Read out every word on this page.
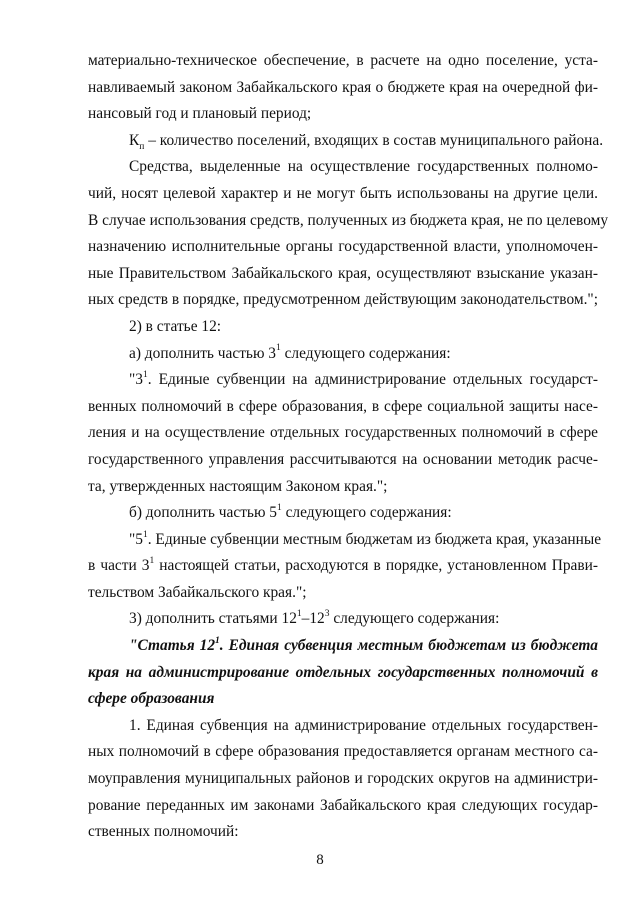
материально-техническое обеспечение, в расчете на одно поселение, уста-
навливаемый законом Забайкальского края о бюджете края на очередной фи-
нансовый год и плановый период;
$К_п$ – количество поселений, входящих в состав муниципального района.
Средства, выделенные на осуществление государственных полномо-
чий, носят целевой характер и не могут быть использованы на другие цели.
В случае использования средств, полученных из бюджета края, не по целевому
назначению исполнительные органы государственной власти, уполномочен-
ные Правительством Забайкальского края, осуществляют взыскание указан-
ных средств в порядке, предусмотренном действующим законодательством.";
2) в статье 12:
а) дополнить частью $3^1$ следующего содержания:
"$3^1$. Единые субвенции на администрирование отдельных государст-
венных полномочий в сфере образования, в сфере социальной защиты насе-
ления и на осуществление отдельных государственных полномочий в сфере
государственного управления рассчитываются на основании методик расче-
та, утвержденных настоящим Законом края.";
б) дополнить частью $5^1$ следующего содержания:
"$5^1$. Единые субвенции местным бюджетам из бюджета края, указанные
в части $3^1$ настоящей статьи, расходуются в порядке, установленном Прави-
тельством Забайкальского края.";
3) дополнить статьями $12^1-12^3$ следующего содержания:
"Статья $12^1$. Единая субвенция местным бюджетам из бюджета
края на администрирование отдельных государственных полномочий в
сфере образования
1. Единая субвенция на администрирование отдельных государствен-
ных полномочий в сфере образования предоставляется органам местного са-
моуправления муниципальных районов и городских округов на администри-
рование переданных им законами Забайкальского края следующих государ-
ственных полномочий:
8
